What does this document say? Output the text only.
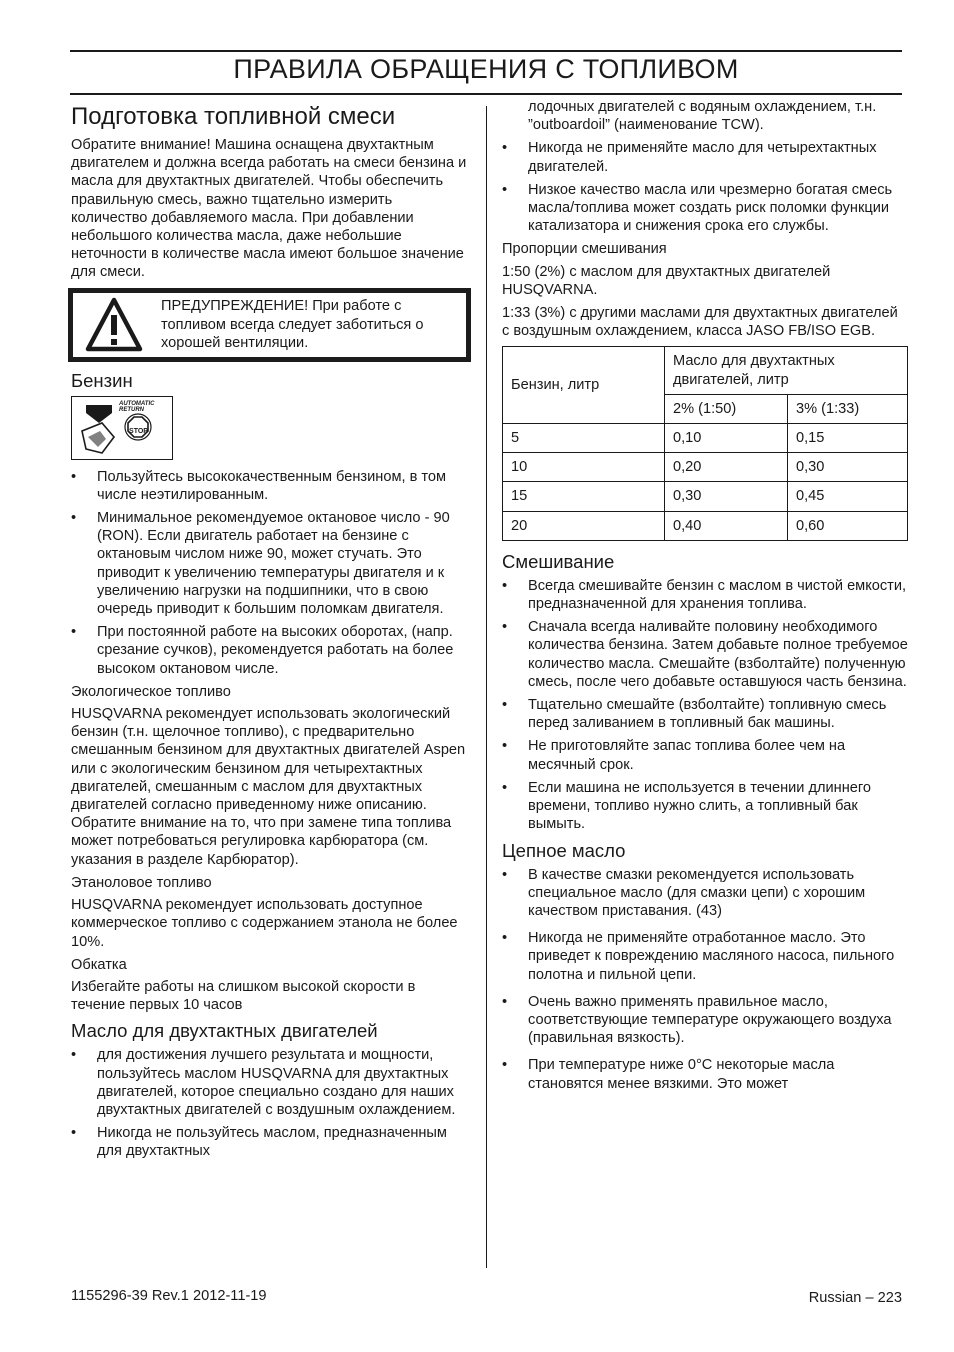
ПРАВИЛА ОБРАЩЕНИЯ С ТОПЛИВОМ
Подготовка топливной смеси

Обратите внимание! Машина оснащена двухтактным двигателем и должна всегда работать на смеси бензина и масла для двухтактных двигателей. Чтобы обеспечить правильную смесь, важно тщательно измерить количество добавляемого масла. При добавлении небольшого количества масла, даже небольшие неточности в количестве масла имеют большое значение для смеси.

ПРЕДУПРЕЖДЕНИЕ! При работе с топливом всегда следует заботиться о хорошей вентиляции.
Бензин
AUTOMATIC RETURN
STOP
• Пользуйтесь высококачественным бензином, в том числе неэтилированным.
• Минимальное рекомендуемое октановое число - 90 (RON). Если двигатель работает на бензине с октановым числом ниже 90, может стучать. Это приводит к увеличению температуры двигателя и к увеличению нагрузки на подшипники, что в свою очередь приводит к большим поломкам двигателя.
• При постоянной работе на высоких оборотах, (напр. срезание сучков), рекомендуется работать на более высоком октановом числе.

Экологическое топливо

HUSQVARNA рекомендует использовать экологический бензин (т.н. щелочное топливо), с предварительно смешанным бензином для двухтактных двигателей Aspen или с экологическим бензином для четырехтактных двигателей, смешанным с маслом для двухтактных двигателей согласно приведенному ниже описанию. Обратите внимание на то, что при замене типа топлива может потребоваться регулировка карбюратора (см. указания в разделе Карбюратор).

Этаноловое топливо

HUSQVARNA рекомендует использовать доступное коммерческое топливо с содержанием этанола не более 10%.

Обкатка

Избегайте работы на слишком высокой скорости в течение первых 10 часов

Масло для двухтактных двигателей
• для достижения лучшего результата и мощности, пользуйтесь маслом HUSQVARNA для двухтактных двигателей, которое специально создано для наших двухтактных двигателей с воздушным охлаждением.
• Никогда не пользуйтесь маслом, предназначенным для двухтактных

лодочных двигателей с водяным охлаждением, т.н. ”outboardoil” (наименование TCW).

• Никогда не применяйте масло для четырехтактных двигателей.
• Низкое качество масла или чрезмерно богатая смесь масла/топлива может создать риск поломки функции катализатора и снижения срока его службы.

Пропорции смешивания

1:50 (2%) с маслом для двухтактных двигателей HUSQVARNA.

1:33 (3%) с другими маслами для двухтактных двигателей с воздушным охлаждением, класса JASO FB/ISO EGB.

Бензин, литр	Масло для двухтактных двигателей, литр	
	2% (1:50)	3% (1:33)
5	0,10	0,15
10	0,20	0,30
15	0,30	0,45
20	0,40	0,60
Смешивание
• Всегда смешивайте бензин с маслом в чистой емкости, предназначенной для хранения топлива.
• Сначала всегда наливайте половину необходимого количества бензина. Затем добавьте полное требуемое количество масла. Смешайте (взболтайте) полученную смесь, после чего добавьте оставшуюся часть бензина.
• Тщательно смешайте (взболтайте) топливную смесь перед заливанием в топливный бак машины.
• Не приготовляйте запас топлива более чем на месячный срок.
• Если машина не используется в течении длиннего времени, топливо нужно слить, а топливный бак вымыть.
Цепное масло
• В качестве смазки рекомендуется использовать специальное масло (для смазки цепи) с хорошим качеством приставания. (43)
• Никогда не применяйте отработанное масло. Это приведет к повреждению масляного насоса, пильного полотна и пильной цепи.
• Очень важно применять правильное масло, соответствующие температуре окружающего воздуха (правильная вязкость).
• При температуре ниже 0°C некоторые масла становятся менее вязкими. Это может
1155296-39 Rev.1 2012-11-19	Russian – 223
